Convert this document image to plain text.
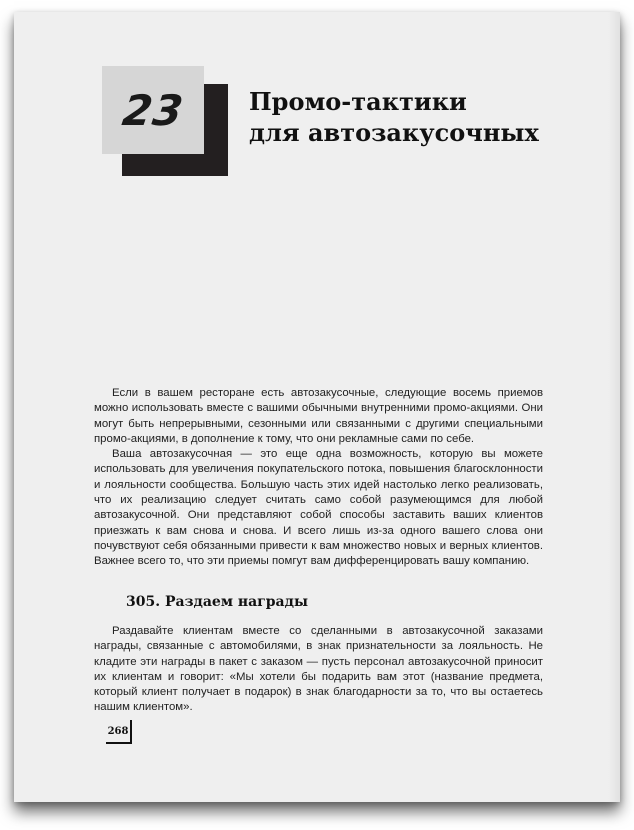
23	Промо-тактики
для автозакусочных

Если в вашем ресторане есть автозакусочные, следующие восемь приемов можно использовать вместе с вашими обычными внутренними промо-акциями. Они могут быть непрерывными, сезонными или связанными с другими специальными промо-акциями, в дополнение к тому, что они рекламные сами по себе.

Ваша автозакусочная — это еще одна возможность, которую вы можете использовать для увеличения покупательского потока, повышения благосклонности и лояльности сообщества. Большую часть этих идей настолько легко реализовать, что их реализацию следует считать само собой разумеющимся для любой автозакусочной. Они представляют собой способы заставить ваших клиентов приезжать к вам снова и снова. И всего лишь из-за одного вашего слова они почувствуют себя обязанными привести к вам множество новых и верных клиентов. Важнее всего то, что эти приемы помгут вам дифференцировать вашу компанию.

305. Раздаем награды

Раздавайте клиентам вместе со сделанными в автозакусочной заказами награды, связанные с автомобилями, в знак признательности за лояльность. Не кладите эти награды в пакет с заказом — пусть персонал автозакусочной приносит их клиентам и говорит: «Мы хотели бы подарить вам этот (название предмета, который клиент получает в подарок) в знак благодарности за то, что вы остаетесь нашим клиентом».

268
